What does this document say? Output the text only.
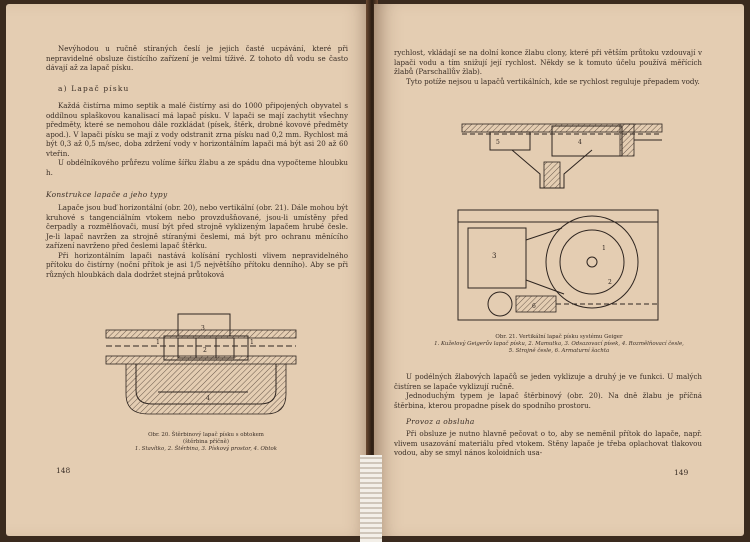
Nevýhodou u ručně stíraných česlí je jejich časté ucpávání, které při nepravidelné obsluze čistícího zařízení je velmi tíživé. Z tohoto dů vodu se často dávají až za lapač písku.

a) Lapač písku

Každá čistírna mimo septik a malé čistírny asi do 1000 připojených obyvatel s oddílnou splaškovou kanalisací má lapač písku. V lapači se mají zachytit všechny předměty, které se nemohou dále rozkládat (písek, štěrk, drobné kovové předměty apod.). V lapači písku se mají z vody odstranit zrna písku nad 0,2 mm. Rychlost má být 0,3 až 0,5 m/sec, doba zdržení vody v horizontálním lapači má být asi 20 až 60 vteřin.

U obdélníkového průřezu volíme šířku žlabu a ze spádu dna vypočteme hloubku h.

Konstrukce lapače a jeho typy

Lapače jsou buď horizontální (obr. 20), nebo vertikální (obr. 21). Dále mohou být kruhové s tangenciálním vtokem nebo provzdušňované, jsou-li umístěny před čerpadly a rozmělňovači, musí být před strojně vyklizeným lapačem hrubé česle. Je-li lapač navržen za strojně stíranými česlemi, má být pro ochranu měnícího zařízení navrženo před česlemi lapač štěrku.

Při horizontálním lapači nastává kolísání rychlosti vlivem nepravidelného přítoku do čistírny (noční přítok je asi 1/5 největšího přítoku denního). Aby se při různých hloubkách dala dodržet stejná průtoková

3
1	1
2
4
Obr. 20. Štěrbinový lapač písku s obtokem
(štěrbina příčně)
1. Stavítko, 2. Štěrbina, 3. Pískový prostor, 4. Obtok
148

rychlost, vkládají se na dolní konce žlabu clony, které při větším průtoku vzdouvají v lapači vodu a tím snižují její rychlost. Někdy se k tomuto účelu používá měřících žlabů (Parschallův žlab).

Tyto potíže nejsou u lapačů vertikálních, kde se rychlost reguluje přepadem vody.

5	4
3
1
2
6
Obr. 21. Vertikální lapač písku systému Geiger
1. Kuželový Geigerův lapač písku, 2. Mamutka, 3. Odsazovací písek, 4. Rozmělňovací česle, 5. Strojně česle, 6. Armaturní šachta

U podélných žlabových lapačů se jeden vyklizuje a druhý je ve funkci. U malých čistíren se lapače vyklizují ručně.

Jednoduchým typem je lapač štěrbinový (obr. 20). Na dně žlabu je příčná štěrbina, kterou propadne písek do spodního prostoru.

Provoz a obsluha

Při obsluze je nutno hlavně pečovat o to, aby se neměnil přítok do lapače, např. vlivem usazování materiálu před vtokem. Stěny lapače je třeba oplachovat tlakovou vodou, aby se smyl nános koloidních usa-

149
